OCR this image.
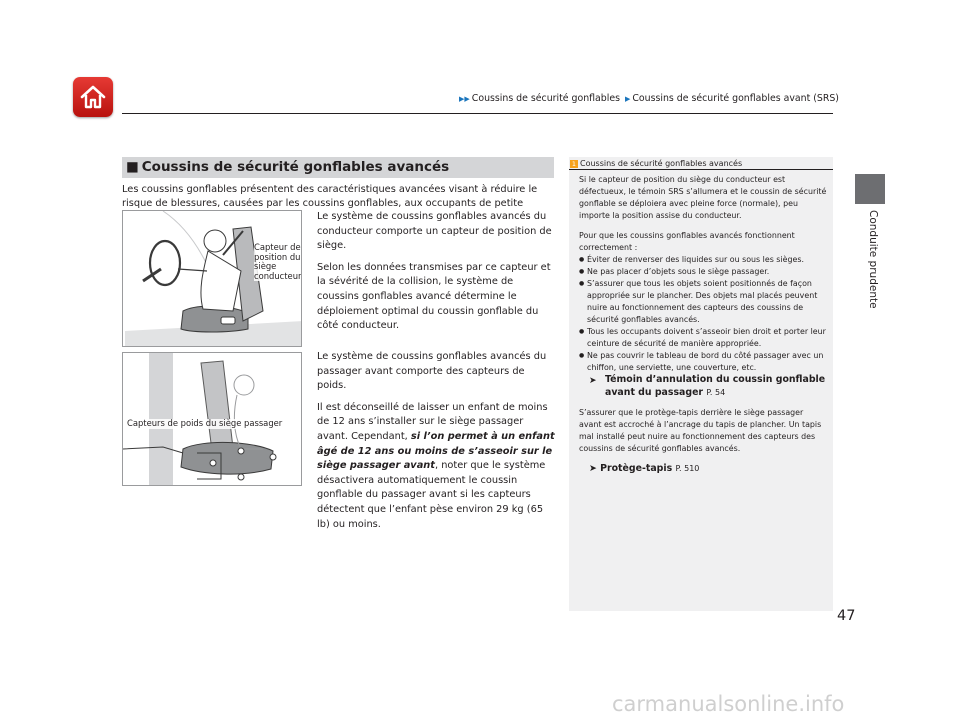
▶▶ Coussins de sécurité gonflables ▶ Coussins de sécurité gonflables avant (SRS)
Conduite prudente
■ Coussins de sécurité gonflables avancés
Les coussins gonflables présentent des caractéristiques avancées visant à réduire le risque de blessures, causées par les coussins gonflables, aux occupants de petite
Capteur de position du siège conducteur
Capteurs de poids du siège passager

Le système de coussins gonflables avancés du conducteur comporte un capteur de position de siège.

Selon les données transmises par ce capteur et la sévérité de la collision, le système de coussins gonflables avancé détermine le déploiement optimal du coussin gonflable du côté conducteur.

Le système de coussins gonflables avancés du passager avant comporte des capteurs de poids.

Il est déconseillé de laisser un enfant de moins de 12 ans s’installer sur le siège passager avant. Cependant, si l’on permet à un enfant âgé de 12 ans ou moins de s’asseoir sur le siège passager avant, noter que le système désactivera automatiquement le coussin gonflable du passager avant si les capteurs détectent que l’enfant pèse environ 29 kg (65 lb) ou moins.

1 Coussins de sécurité gonflables avancés

Si le capteur de position du siège du conducteur est défectueux, le témoin SRS s’allumera et le coussin de sécurité gonflable se déploiera avec pleine force (normale), peu importe la position assise du conducteur.

Pour que les coussins gonflables avancés fonctionnent correctement :

● Éviter de renverser des liquides sur ou sous les sièges.
● Ne pas placer d’objets sous le siège passager.
● S’assurer que tous les objets soient positionnés de façon appropriée sur le plancher. Des objets mal placés peuvent nuire au fonctionnement des capteurs des coussins de sécurité gonflables avancés.
● Tous les occupants doivent s’asseoir bien droit et porter leur ceinture de sécurité de manière appropriée.
● Ne pas couvrir le tableau de bord du côté passager avec un chiffon, une serviette, une couverture, etc.
➤ Témoin d’annulation du coussin gonflable avant du passager P. 54

S’assurer que le protège-tapis derrière le siège passager avant est accroché à l’ancrage du tapis de plancher. Un tapis mal installé peut nuire au fonctionnement des capteurs des coussins de sécurité gonflables avancés.

➤ Protège-tapis P. 510
47
carmanualsonline.info
